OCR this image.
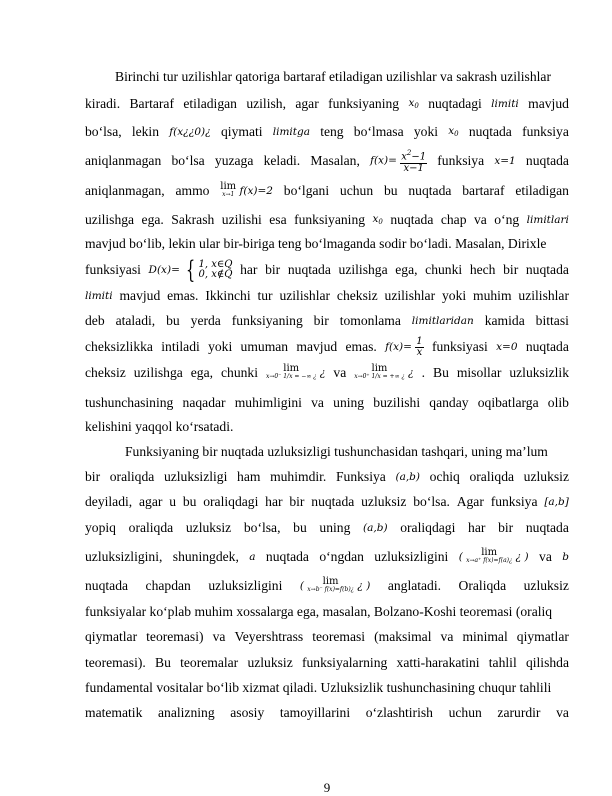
Birinchi tur uzilishlar qatoriga bartaraf etiladigan uzilishlar va sakrash uzilishlar
kiradi. Bartaraf etiladigan uzilish, agar funksiyaning $x_0$ nuqtadagi limiti mavjud
bo‘lsa, lekin f(x¿¿0)¿ qiymati limitga teng bo‘lmasa yoki $x_0$ nuqtada funksiya
aniqlanmagan bo‘lsa yuzaga keladi. Masalan, $f(x)= \frac{x^2-1}{x-1}$ funksiya x=1 nuqtada
aniqlanmagan, ammo lim
x→1 f(x)=2 bo‘lgani uchun bu nuqtada bartaraf etiladigan
uzilishga ega. Sakrash uzilishi esa funksiyaning $x_0$ nuqtada chap va o‘ng limitlari
mavjud bo‘lib, lekin ular bir-biriga teng bo‘lmaganda sodir bo‘ladi. Masalan, Dirixle
funksiyasi D(x)= { 1, x∈Q
0, x∉Q har bir nuqtada uzilishga ega, chunki hech bir nuqtada
limiti mavjud emas. Ikkinchi tur uzilishlar cheksiz uzilishlar yoki muhim uzilishlar
deb ataladi, bu yerda funksiyaning bir tomonlama limitlaridan kamida bittasi
cheksizlikka intiladi yoki umuman mavjud emas. $f(x)= \frac{1}{x}$ funksiyasi x=0 nuqtada
cheksiz uzilishga ega, chunki	lim
x→0⁻ 1/x = −∞ ¿ ¿ va	lim
x→0⁺ 1/x = +∞ ¿ ¿ . Bu misollar uzluksizlik
tushunchasining naqadar muhimligini va uning buzilishi qanday oqibatlarga olib
kelishini yaqqol ko‘rsatadi.
Funksiyaning bir nuqtada uzluksizligi tushunchasidan tashqari, uning ma’lum
bir oraliqda uzluksizligi ham muhimdir. Funksiya (a,b) ochiq oraliqda uzluksiz
deyiladi, agar u bu oraliqdagi har bir nuqtada uzluksiz bo‘lsa. Agar funksiya [a,b]
yopiq oraliqda uzluksiz bo‘lsa, bu uning (a,b) oraliqdagi har bir nuqtada
uzluksizligini, shuningdek, a nuqtada o‘ngdan uzluksizligini ( lim
x→a⁺ f(x)=f(a)¿ ¿ ) va b
nuqtada chapdan uzluksizligini ( lim
x→b⁻ f(x)=f(b)¿ ¿ ) anglatadi. Oraliqda uzluksiz
funksiyalar ko‘plab muhim xossalarga ega, masalan, Bolzano-Koshi teoremasi (oraliq
qiymatlar teoremasi) va Veyershtrass teoremasi (maksimal va minimal qiymatlar
teoremasi). Bu teoremalar uzluksiz funksiyalarning xatti-harakatini tahlil qilishda
fundamental vositalar bo‘lib xizmat qiladi. Uzluksizlik tushunchasining chuqur tahlili
matematik analizning asosiy tamoyillarini o‘zlashtirish uchun zarurdir va
9
